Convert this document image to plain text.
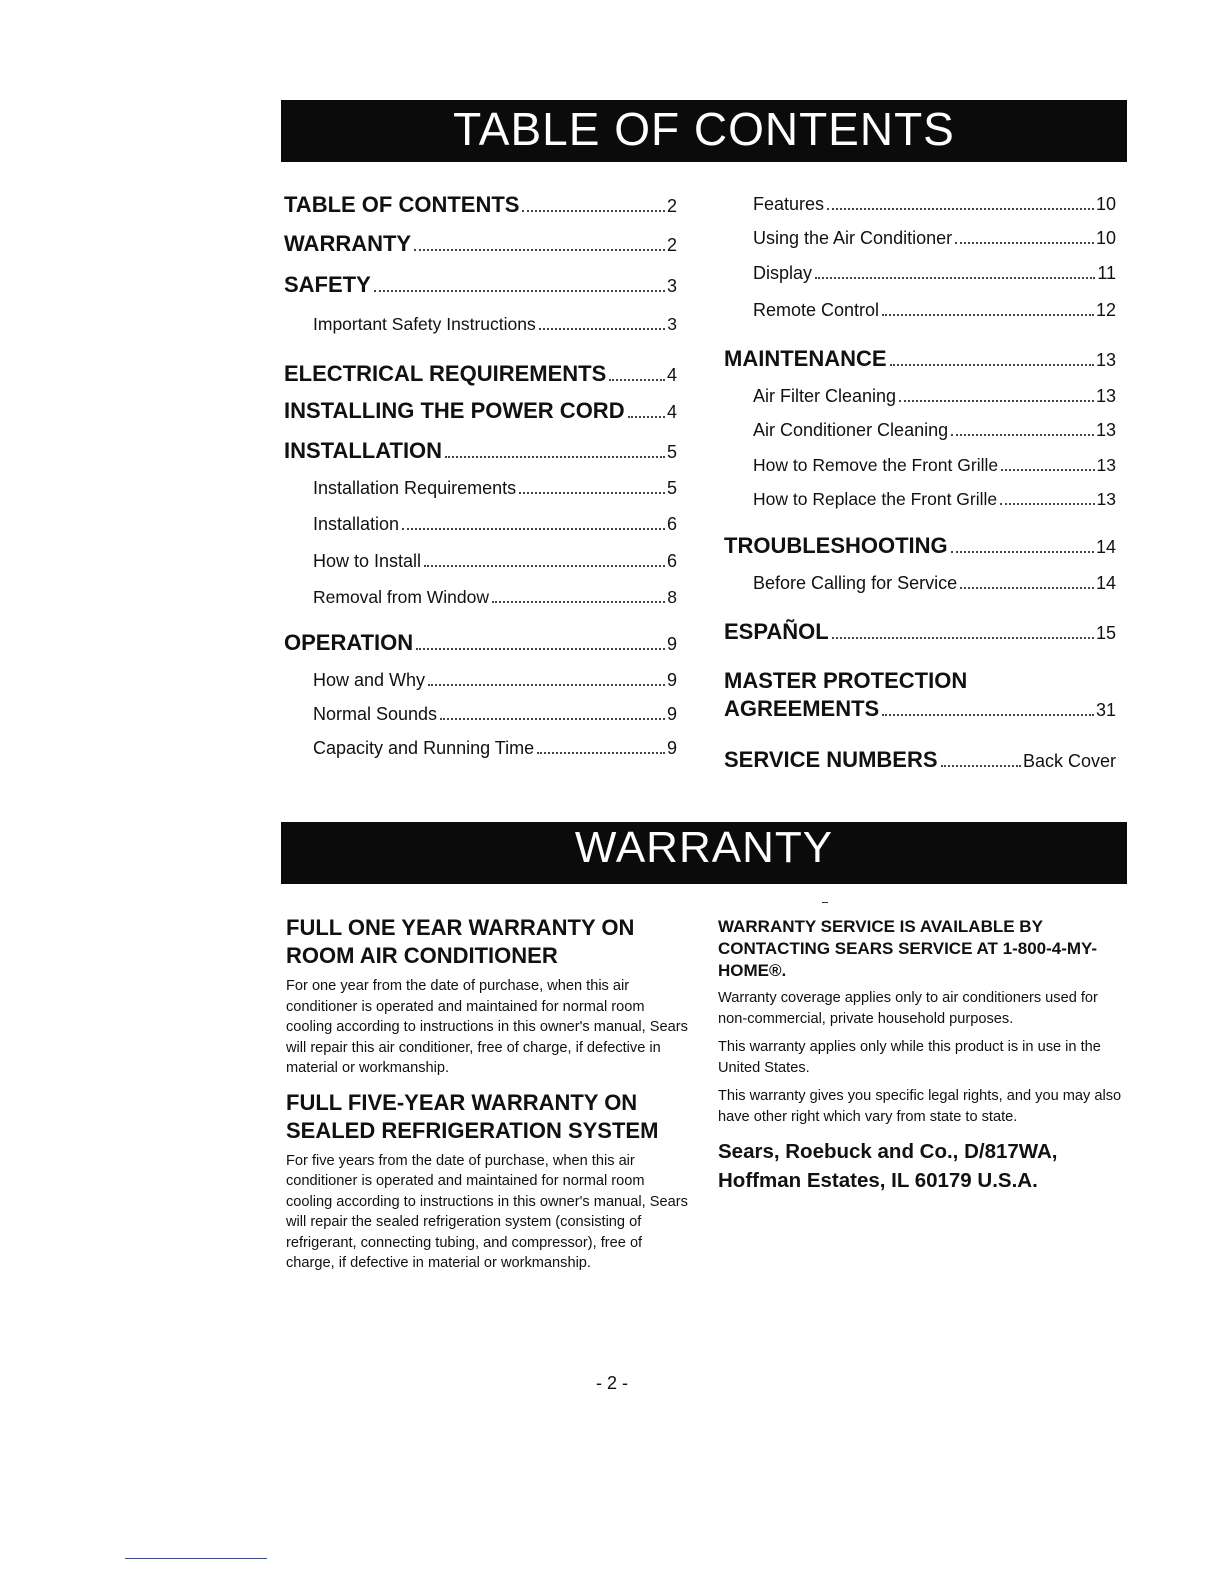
TABLE OF CONTENTS
TABLE OF CONTENTS	2
WARRANTY	2
SAFETY	3
Important Safety Instructions	3
ELECTRICAL REQUIREMENTS	4
INSTALLING THE POWER CORD 4
INSTALLATION	5
Installation Requirements	5
Installation	6
How to Install	6
Removal from Window	8
OPERATION	9
How and Why	9
Normal Sounds	9
Capacity and Running Time	9
Features	10
Using the Air Conditioner	10
Display	11
Remote Control	12
MAINTENANCE	13
Air Filter Cleaning	13
Air Conditioner Cleaning	13
How to Remove the Front Grille	13
How to Replace the Front Grille	13
TROUBLESHOOTING	14
Before Calling for Service	14
ESPAÑOL	15
MASTER PROTECTION
AGREEMENTS	31
SERVICE NUMBERS	Back Cover
WARRANTY
FULL ONE YEAR WARRANTY ON ROOM AIR CONDITIONER
For one year from the date of purchase, when this air conditioner is operated and maintained for normal room cooling according to instructions in this owner's manual, Sears will repair this air conditioner, free of charge, if defective in material or workmanship.
FULL FIVE-YEAR WARRANTY ON SEALED REFRIGERATION SYSTEM
For five years from the date of purchase, when this air conditioner is operated and maintained for normal room cooling according to instructions in this owner's manual, Sears will repair the sealed refrigeration system (consisting of refrigerant, connecting tubing, and compressor), free of charge, if defective in material or workmanship.
WARRANTY SERVICE IS AVAILABLE BY CONTACTING SEARS SERVICE AT 1-800-4-MY-HOME®.
Warranty coverage applies only to air conditioners used for non-commercial, private household purposes.
This warranty applies only while this product is in use in the United States.
This warranty gives you specific legal rights, and you may also have other right which vary from state to state.
Sears, Roebuck and Co., D/817WA,
Hoffman Estates, IL 60179 U.S.A.
- 2 -
